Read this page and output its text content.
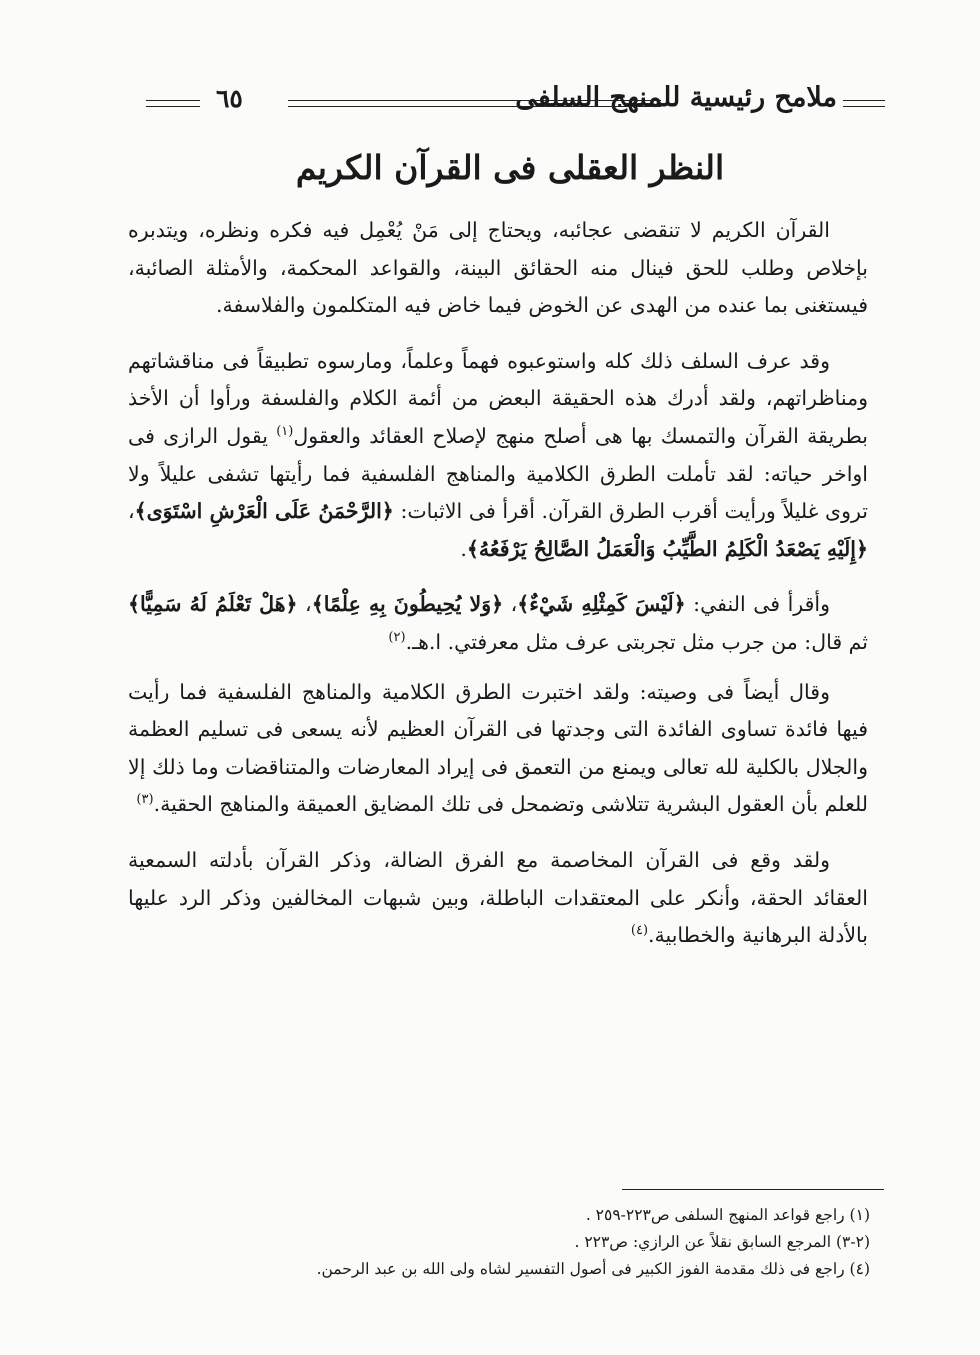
ملامح رئيسية للمنهج السلفى
٦٥
النظر العقلى فى القرآن الكريم

القرآن الكريم لا تنقضى عجائبه، ويحتاج إلى مَنْ يُعْمِل فيه فكره ونظره، ويتدبره بإخلاص وطلب للحق فينال منه الحقائق البينة، والقواعد المحكمة، والأمثلة الصائبة، فيستغنى بما عنده من الهدى عن الخوض فيما خاض فيه المتكلمون والفلاسفة.

وقد عرف السلف ذلك كله واستوعبوه فهماً وعلماً، ومارسوه تطبيقاً فى مناقشاتهم ومناظراتهم، ولقد أدرك هذه الحقيقة البعض من أئمة الكلام والفلسفة ورأوا أن الأخذ بطريقة القرآن والتمسك بها هى أصلح منهج لإصلاح العقائد والعقول$^{(١)}$ يقول الرازى فى اواخر حياته: لقد تأملت الطرق الكلامية والمناهج الفلسفية فما رأيتها تشفى عليلاً ولا تروى غليلاً ورأيت أقرب الطرق القرآن. أقرأ فى الاثبات: ﴿الرَّحْمَنُ عَلَى الْعَرْشِ اسْتَوَى﴾، ﴿إِلَيْهِ يَصْعَدُ الْكَلِمُ الطَّيِّبُ وَالْعَمَلُ الصَّالِحُ يَرْفَعُهُ﴾.

وأقرأ فى النفي: ﴿لَيْسَ كَمِثْلِهِ شَيْءٌ﴾، ﴿وَلا يُحِيطُونَ بِهِ عِلْمًا﴾، ﴿هَلْ تَعْلَمُ لَهُ سَمِيًّا﴾ ثم قال: من جرب مثل تجربتى عرف مثل معرفتي. ا.هـ.$^{(٢)}$

وقال أيضاً فى وصيته: ولقد اختبرت الطرق الكلامية والمناهج الفلسفية فما رأيت فيها فائدة تساوى الفائدة التى وجدتها فى القرآن العظيم لأنه يسعى فى تسليم العظمة والجلال بالكلية لله تعالى ويمنع من التعمق فى إيراد المعارضات والمتناقضات وما ذلك إلا للعلم بأن العقول البشرية تتلاشى وتضمحل فى تلك المضايق العميقة والمناهج الحقية.$^{(٣)}$

ولقد وقع فى القرآن المخاصمة مع الفرق الضالة، وذكر القرآن بأدلته السمعية العقائد الحقة، وأنكر على المعتقدات الباطلة، وبين شبهات المخالفين وذكر الرد عليها بالأدلة البرهانية والخطابية.$^{(٤)}$

(١) راجع قواعد المنهج السلفى ص٢٢٣-٢٥٩ .
(٢-٣) المرجع السابق نقلاً عن الرازي: ص٢٢٣ .
(٤) راجع فى ذلك مقدمة الفوز الكبير فى أصول التفسير لشاه ولى الله بن عبد الرحمن.
